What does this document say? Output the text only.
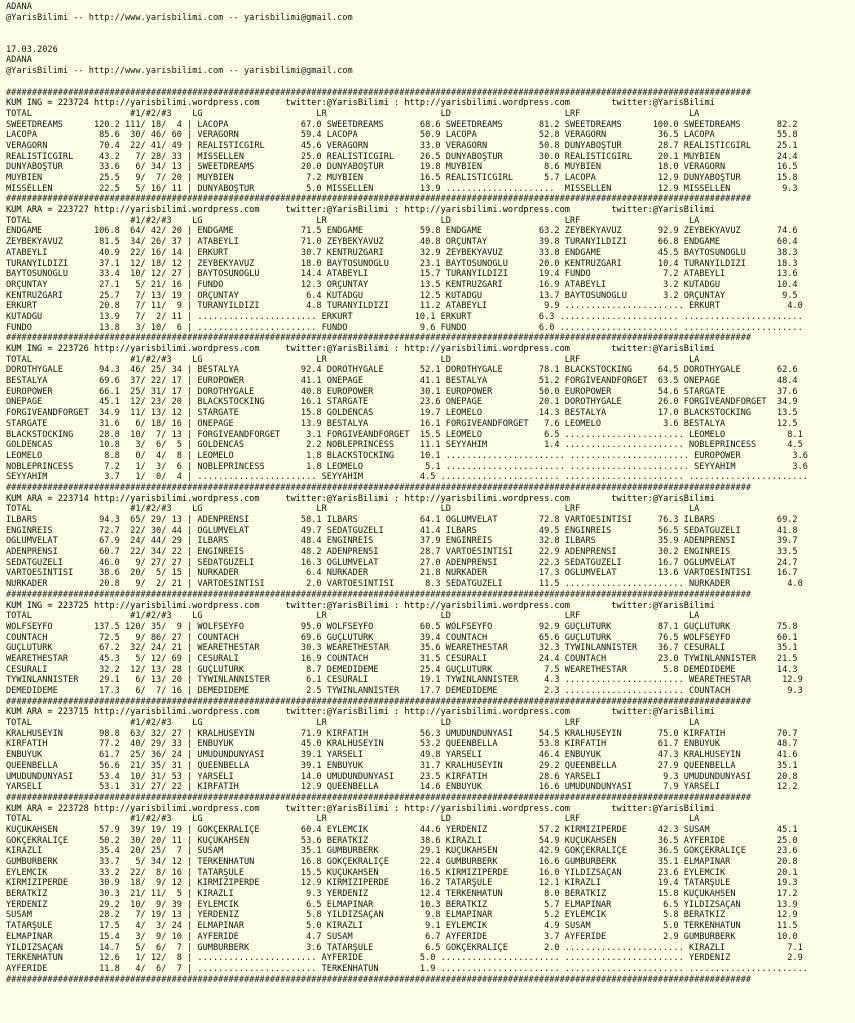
ADANA
@YarisBilimi -- http://www.yarisbilimi.com -- yarisbilimi@gmail.com

17.03.2026
ADANA
@YarisBilimi -- http://www.yarisbilimi.com -- yarisbilimi@gmail.com

################################################################################################################################################
KUM ING = 223724 http://yarisbilimi.wordpress.com     twitter:@YarisBilimi : http://yarisbilimi.wordpress.com        twitter:@YarisBilimi
TOTAL                   #1/#2/#3    LG                      LR                      LD                      LRF                     LA
SWEETDREAMS      120.2 111/ 18/  4 | LACOPA              67.0 SWEETDREAMS       68.6 SWEETDREAMS       81.2 SWEETDREAMS      100.0 SWEETDREAMS       82.2
LACOPA            85.6  30/ 46/ 60 | VERAGORN            59.4 LACOPA            50.9 LACOPA            52.8 VERAGORN          36.5 LACOPA            55.8
VERAGORN          70.4  22/ 41/ 49 | REALISTICGIRL       45.6 VERAGORN          33.0 VERAGORN          50.8 DÜNYABOŞTUR       28.7 REALISTICGIRL     25.1
REALISTICGIRL     43.2   7/ 28/ 33 | MISSELLEN           25.0 REALISTICGIRL     26.5 DÜNYABOŞTUR       30.0 REALISTICGIRL     20.1 MUYBIEN           24.4
DÜNYABOŞTUR       33.6   6/ 34/ 13 | SWEETDREAMS         20.0 DÜNYABOŞTUR       19.8 MUYBIEN            8.6 MUYBIEN           18.0 VERAGORN          16.5
MUYBIEN           25.5   9/  7/ 20 | MUYBIEN              7.2 MUYBIEN           16.5 REALISTICGIRL      5.7 LACOPA            12.9 DÜNYABOŞTUR       15.8
MISSELLEN         22.5   5/ 16/ 11 | DÜNYABOŞTUR          5.0 MISSELLEN         13.9 .....................  MISSELLEN         12.9 MISSELLEN          9.3
################################################################################################################################################
KUM ARA = 223727 http://yarisbilimi.wordpress.com     twitter:@YarisBilimi : http://yarisbilimi.wordpress.com        twitter:@YarisBilimi
TOTAL                   #1/#2/#3    LG                      LR                      LD                      LRF                     LA
ENDGAME          106.8  64/ 42/ 20 | ENDGAME             71.5 ENDGAME           59.8 ENDGAME           63.2 ZEYBEKYAVUZ       92.9 ZEYBEKYAVUZ       74.6
ZEYBEKYAVUZ       81.5  34/ 26/ 37 | ATABEYLİ            71.0 ZEYBEKYAVUZ       40.8 ORÇUNTAY          39.8 TURANYILDIZI      66.8 ENDGAME           60.4
ATABEYLİ          40.9  22/ 16/ 14 | ERKURT              30.7 KENTRÜZGARI       32.9 ZEYBEKYAVUZ       33.8 ENDGAME           45.5 BAYTOSUNOĞLU      38.3
TURANYILDIZI      37.1  12/ 18/ 12 | ZEYBEKYAVUZ         18.0 BAYTOSUNOĞLU      23.1 BAYTOSUNOĞLU      20.0 KENTRÜZGARI       10.4 TURANYILDIZI      18.3
BAYTOSUNOĞLU      33.4  10/ 12/ 27 | BAYTOSUNOĞLU        14.4 ATABEYLİ          15.7 TURANYILDIZI      19.4 FUNDO              7.2 ATABEYLİ          13.6
ORÇUNTAY          27.1   5/ 21/ 16 | FUNDO               12.3 ORÇUNTAY          13.5 KENTRÜZGARI       16.9 ATABEYLİ           3.2 KUTADGU           10.4
KENTRÜZGARI       25.7   7/ 13/ 19 | ORÇUNTAY             6.4 KUTADGU           12.5 KUTADGU           13.7 BAYTOSUNOĞLU       3.2 ORÇUNTAY           9.5
ERKURT            20.8   7/ 11/  9 | TURANYILDIZI         4.8 TURANYILDIZI      11.2 ATABEYLİ           9.9 ....................... ERKURT             4.0
KUTADGU           13.9   7/  2/ 11 | ....................... ERKURT            10.1 ERKURT             6.3 ....................... .......................
FUNDO             13.8   3/ 10/  6 | ....................... FUNDO              9.6 FUNDO              6.0 ....................... .......................
################################################################################################################################################
KUM ING = 223726 http://yarisbilimi.wordpress.com     twitter:@YarisBilimi : http://yarisbilimi.wordpress.com        twitter:@YarisBilimi
TOTAL                   #1/#2/#3    LG                      LR                      LD                      LRF                     LA
DOROTHYGALE       94.3  46/ 25/ 34 | BESTALYA            92.4 DOROTHYGALE       52.1 DOROTHYGALE       78.1 BLACKSTOCKING     64.5 DOROTHYGALE       62.6
BESTALYA          69.6  37/ 22/ 17 | EUROPOWER           41.1 ONEPAGE           41.1 BESTALYA          51.2 FORGIVEANDFORGET  63.5 ONEPAGE           48.4
EUROPOWER         66.1  25/ 31/ 17 | DOROTHYGALE         40.8 EUROPOWER         30.1 EUROPOWER         50.0 EUROPOWER         54.6 STARGATE          37.6
ONEPAGE           45.1  12/ 23/ 20 | BLACKSTOCKING       16.1 STARGATE          23.6 ONEPAGE           20.1 DOROTHYGALE       26.0 FORGIVEANDFORGET  34.9
FORGIVEANDFORGET  34.9  11/ 13/ 12 | STARGATE            15.8 GOLDENCAS         19.7 LEOMELO           14.3 BESTALYA          17.0 BLACKSTOCKING     13.5
STARGATE          31.6   6/ 18/ 16 | ONEPAGE             13.9 BESTALYA          16.1 FORGIVEANDFORGET   7.6 LEOMELO            3.6 BESTALYA          12.5
BLACKSTOCKING     28.8  10/  7/ 13 | FORGIVEANDFORGET     3.1 FORGIVEANDFORGET  15.5 LEOMELO            6.5 ....................... LEOMELO            8.1
GOLDENCAS         10.8   3/  6/  5 | GOLDENCAS            2.2 NOBLEPRINCESS     11.1 SEYYAHIM           1.4 ....................... NOBLEPRINCESS      4.5
LEOMELO            8.8   0/  4/  8 | LEOMELO              1.8 BLACKSTOCKING     10.1 ....................... ....................... EUROPOWER          3.6
NOBLEPRINCESS      7.2   1/  3/  6 | NOBLEPRINCESS        1.8 LEOMELO            5.1 ....................... ....................... SEYYAHIM           3.6
SEYYAHIM           3.7   1/  0/  4 | ....................... SEYYAHIM           4.5 ....................... ....................... .......................
################################################################################################################################################
KUM ARA = 223714 http://yarisbilimi.wordpress.com     twitter:@YarisBilimi : http://yarisbilimi.wordpress.com        twitter:@YarisBilimi
TOTAL                   #1/#2/#3    LG                      LR                      LD                      LRF                     LA
İLBARS            94.3  65/ 29/ 13 | ADENPRENSİ          58.1 İLBARS            64.1 OĞLUMVELAT        72.8 VARTOESİNTİSİ     76.3 İLBARS            69.2
ENGINREİS         72.7  22/ 30/ 44 | OĞLUMVELAT          49.7 SEDATGÜZELİ       41.4 İLBARS            49.5 ENGINREİS         56.5 SEDATGÜZELİ       41.8
OĞLUMVELAT        67.9  24/ 44/ 29 | İLBARS              48.4 ENGINREİS         37.9 ENGINREİS         32.8 İLBARS            35.9 ADENPRENSİ        39.7
ADENPRENSİ        60.7  22/ 34/ 22 | ENGINREİS           48.2 ADENPRENSİ        28.7 VARTOESİNTİSİ     22.9 ADENPRENSİ        30.2 ENGINREİS         33.5
SEDATGÜZELİ       46.0   9/ 27/ 27 | SEDATGÜZELİ         16.3 OĞLUMVELAT        27.0 ADENPRENSİ        22.3 SEDATGÜZELİ       16.7 OĞLUMVELAT        24.7
VARTOESİNTİSİ     38.6  20/  5/ 15 | NURKADER             6.4 NURKADER          21.8 NURKADER          17.3 OĞLUMVELAT        13.6 VARTOESİNTİSİ     16.7
NURKADER          20.8   9/  2/ 21 | VARTOESİNTİSİ        2.0 VARTOESİNTİSİ      8.3 SEDATGÜZELİ       11.5 ....................... NURKADER           4.0
################################################################################################################################################
KUM ING = 223725 http://yarisbilimi.wordpress.com     twitter:@YarisBilimi : http://yarisbilimi.wordpress.com        twitter:@YarisBilimi
TOTAL                   #1/#2/#3    LG                      LR                      LD                      LRF                     LA
WOLFSEYFO        137.5 120/ 35/  9 | WOLFSEYFO           95.0 WOLFSEYFO         60.5 WOLFSEYFO         92.9 GÜÇLÜTÜRK         87.1 GÜÇLÜTÜRK         75.8
COUNTACH          72.5   9/ 86/ 27 | COUNTACH            69.6 GÜÇLÜTÜRK         39.4 COUNTACH          65.6 GÜÇLÜTÜRK         76.5 WOLFSEYFO         60.1
GÜÇLÜTÜRK         67.2  32/ 24/ 21 | WEARETHESTAR        30.3 WEARETHESTAR      35.6 WEARETHESTAR      32.3 TYWINLANNISTER    36.7 CESURALİ          35.1
WEARETHESTAR      45.3   5/ 12/ 69 | CESURALİ            16.9 COUNTACH          31.5 CESURALİ          24.4 COUNTACH          23.0 TYWINLANNISTER    21.5
CESURALİ          32.2  12/ 13/ 28 | GÜÇLÜTÜRK            8.7 DEMEDİDEME        25.4 GÜÇLÜTÜRK          7.5 WEARETHESTAR       5.8 DEMEDİDEME        14.3
TYWINLANNISTER    29.1   6/ 13/ 20 | TYWINLANNISTER       6.1 CESURALİ          19.1 TYWINLANNISTER     4.3 ....................... WEARETHESTAR      12.9
DEMEDİDEME        17.3   6/  7/ 16 | DEMEDİDEME           2.5 TYWINLANNISTER    17.7 DEMEDİDEME         2.3 ....................... COUNTACH           9.3
################################################################################################################################################
KUM ARA = 223715 http://yarisbilimi.wordpress.com     twitter:@YarisBilimi : http://yarisbilimi.wordpress.com        twitter:@YarisBilimi
TOTAL                   #1/#2/#3    LG                      LR                      LD                      LRF                     LA
KRALHÜSEYİN       98.8  63/ 32/ 27 | KRALHÜSEYİN         71.9 KIRFATİH          56.3 UMUDUNDÜNYASI     54.5 KRALHÜSEYİN       75.0 KIRFATİH          70.7
KIRFATİH          77.2  40/ 29/ 33 | ENBÜYÜK             45.0 KRALHÜSEYİN       53.2 QUEENBELLA        53.8 KIRFATİH          61.7 ENBÜYÜK           48.7
ENBÜYÜK           61.7  25/ 36/ 24 | UMUDUNDÜNYASI       39.1 YARSELİ           49.8 YARSELİ           46.4 ENBÜYÜK           47.3 KRALHÜSEYİN       41.6
QUEENBELLA        56.6  21/ 35/ 31 | QUEENBELLA          39.1 ENBÜYÜK           31.7 KRALHÜSEYİN       29.2 QUEENBELLA        27.9 QUEENBELLA        35.1
UMUDUNDÜNYASI     53.4  10/ 31/ 53 | YARSELİ             14.0 UMUDUNDÜNYASI     23.5 KIRFATİH          28.6 YARSELİ            9.3 UMUDUNDÜNYASI     20.8
YARSELİ           53.1  31/ 27/ 22 | KIRFATİH            12.9 QUEENBELLA        14.6 ENBÜYÜK           16.6 UMUDUNDÜNYASI      7.9 YARSELİ           12.2
################################################################################################################################################
KUM ARA = 223728 http://yarisbilimi.wordpress.com     twitter:@YarisBilimi : http://yarisbilimi.wordpress.com        twitter:@YarisBilimi
TOTAL                   #1/#2/#3    LG                      LR                      LD                      LRF                     LA
KÜÇÜKAHSEN        57.9  39/ 19/ 19 | GÖKÇEKRALİÇE        60.4 EYLEMCİK          44.6 YERDENİZ          57.2 KIRMIZIPERDE      42.3 SUSAM             45.1
GÖKÇEKRALİÇE      50.2  30/ 20/ 11 | KÜÇÜKAHSEN          53.6 BERATKIZ          38.6 KIRAZLI           54.9 KÜÇÜKAHSEN        36.5 AYFERİDE          25.0
KIRAZLI           35.4  20/ 25/  7 | SUSAM               35.1 GÜMBÜRBERK        29.1 KÜÇÜKAHSEN        42.9 GÖKÇEKRALİÇE      36.5 GÖKÇEKRALİÇE      23.6
GÜMBÜRBERK        33.7   5/ 34/ 12 | TERKENHATUN         16.8 GÖKÇEKRALİÇE      22.4 GÜMBÜRBERK        16.6 GÜMBÜRBERK        35.1 ELMAPINAR         20.8
EYLEMCİK          33.2  22/  8/ 16 | TATARŞULE           15.5 KÜÇÜKAHSEN        16.5 KIRMIZIPERDE      16.0 YILDIZSAÇAN       23.6 EYLEMCİK          20.1
KIRMIZIPERDE      30.9  18/  9/ 12 | KIRMIZIPERDE        12.9 KIRMIZIPERDE      16.2 TATARŞULE         12.1 KIRAZLI           19.4 TATARŞULE         19.3
BERATKIZ          30.3  21/ 11/  5 | KIRAZLI              9.3 YERDENİZ          12.4 TERKENHATUN        8.0 BERATKIZ          15.8 KÜÇÜKAHSEN        17.2
YERDENİZ          29.2  10/  9/ 39 | EYLEMCİK             6.5 ELMAPINAR         10.3 BERATKIZ           5.7 ELMAPINAR          6.5 YILDIZSAÇAN       13.9
SUSAM             28.2   7/ 19/ 13 | YERDENİZ             5.8 YILDIZSAÇAN        9.8 ELMAPINAR          5.2 EYLEMCİK           5.8 BERATKIZ          12.9
TATARŞULE         17.5   4/  3/ 24 | ELMAPINAR            5.0 KIRAZLI            9.1 EYLEMCİK           4.9 SUSAM              5.0 TERKENHATUN       11.5
ELMAPINAR         15.4   3/  9/ 10 | AYFERİDE             4.7 SUSAM              6.7 AYFERİDE           3.7 AYFERİDE           2.9 GÜMBÜRBERK        10.0
YILDIZSAÇAN       14.7   5/  6/  7 | GÜMBÜRBERK           3.6 TATARŞULE          6.5 GÖKÇEKRALİÇE       2.0 ....................... KIRAZLI            7.1
TERKENHATUN       12.6   1/ 12/  8 | ....................... AYFERİDE           5.0 ....................... ....................... YERDENİZ           2.9
AYFERİDE          11.8   4/  6/  7 | ....................... TERKENHATUN        1.9 ....................... ....................... .......................
################################################################################################################################################
